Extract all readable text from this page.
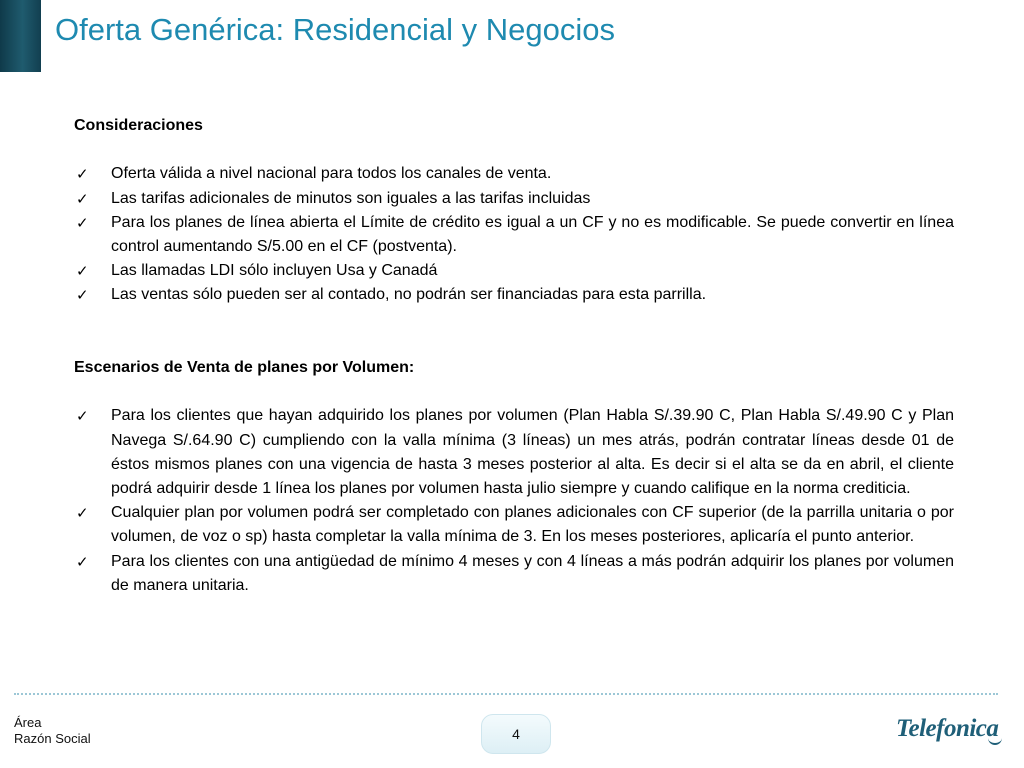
Oferta Genérica: Residencial y Negocios

Consideraciones

✓ Oferta válida a nivel nacional para todos los canales de venta.
✓ Las tarifas adicionales de minutos son iguales a las tarifas incluidas
✓ Para los planes de línea abierta el Límite de crédito es igual a un CF y no es modificable. Se puede convertir en línea control aumentando S/5.00 en el CF (postventa).
✓ Las llamadas LDI sólo incluyen Usa y Canadá
✓ Las ventas sólo pueden ser al contado, no podrán ser financiadas para esta parrilla.

Escenarios de Venta de planes por Volumen:

✓ Para los clientes que hayan adquirido los planes por volumen (Plan Habla S/.39.90 C, Plan Habla S/.49.90 C y Plan Navega S/.64.90 C) cumpliendo con la valla mínima (3 líneas) un mes atrás, podrán contratar líneas desde 01 de éstos mismos planes con una vigencia de hasta 3 meses posterior al alta. Es decir si el alta se da en abril, el cliente podrá adquirir desde 1 línea los planes por volumen hasta julio siempre y cuando califique en la norma crediticia.
✓ Cualquier plan por volumen podrá ser completado con planes adicionales con CF superior (de la parrilla unitaria o por volumen, de voz o sp) hasta completar la valla mínima de 3. En los meses posteriores, aplicaría el punto anterior.
✓ Para los clientes con una antigüedad de mínimo 4 meses y con 4 líneas a más podrán adquirir los planes por volumen de manera unitaria.
Área
Razón Social	4	Telefonica
